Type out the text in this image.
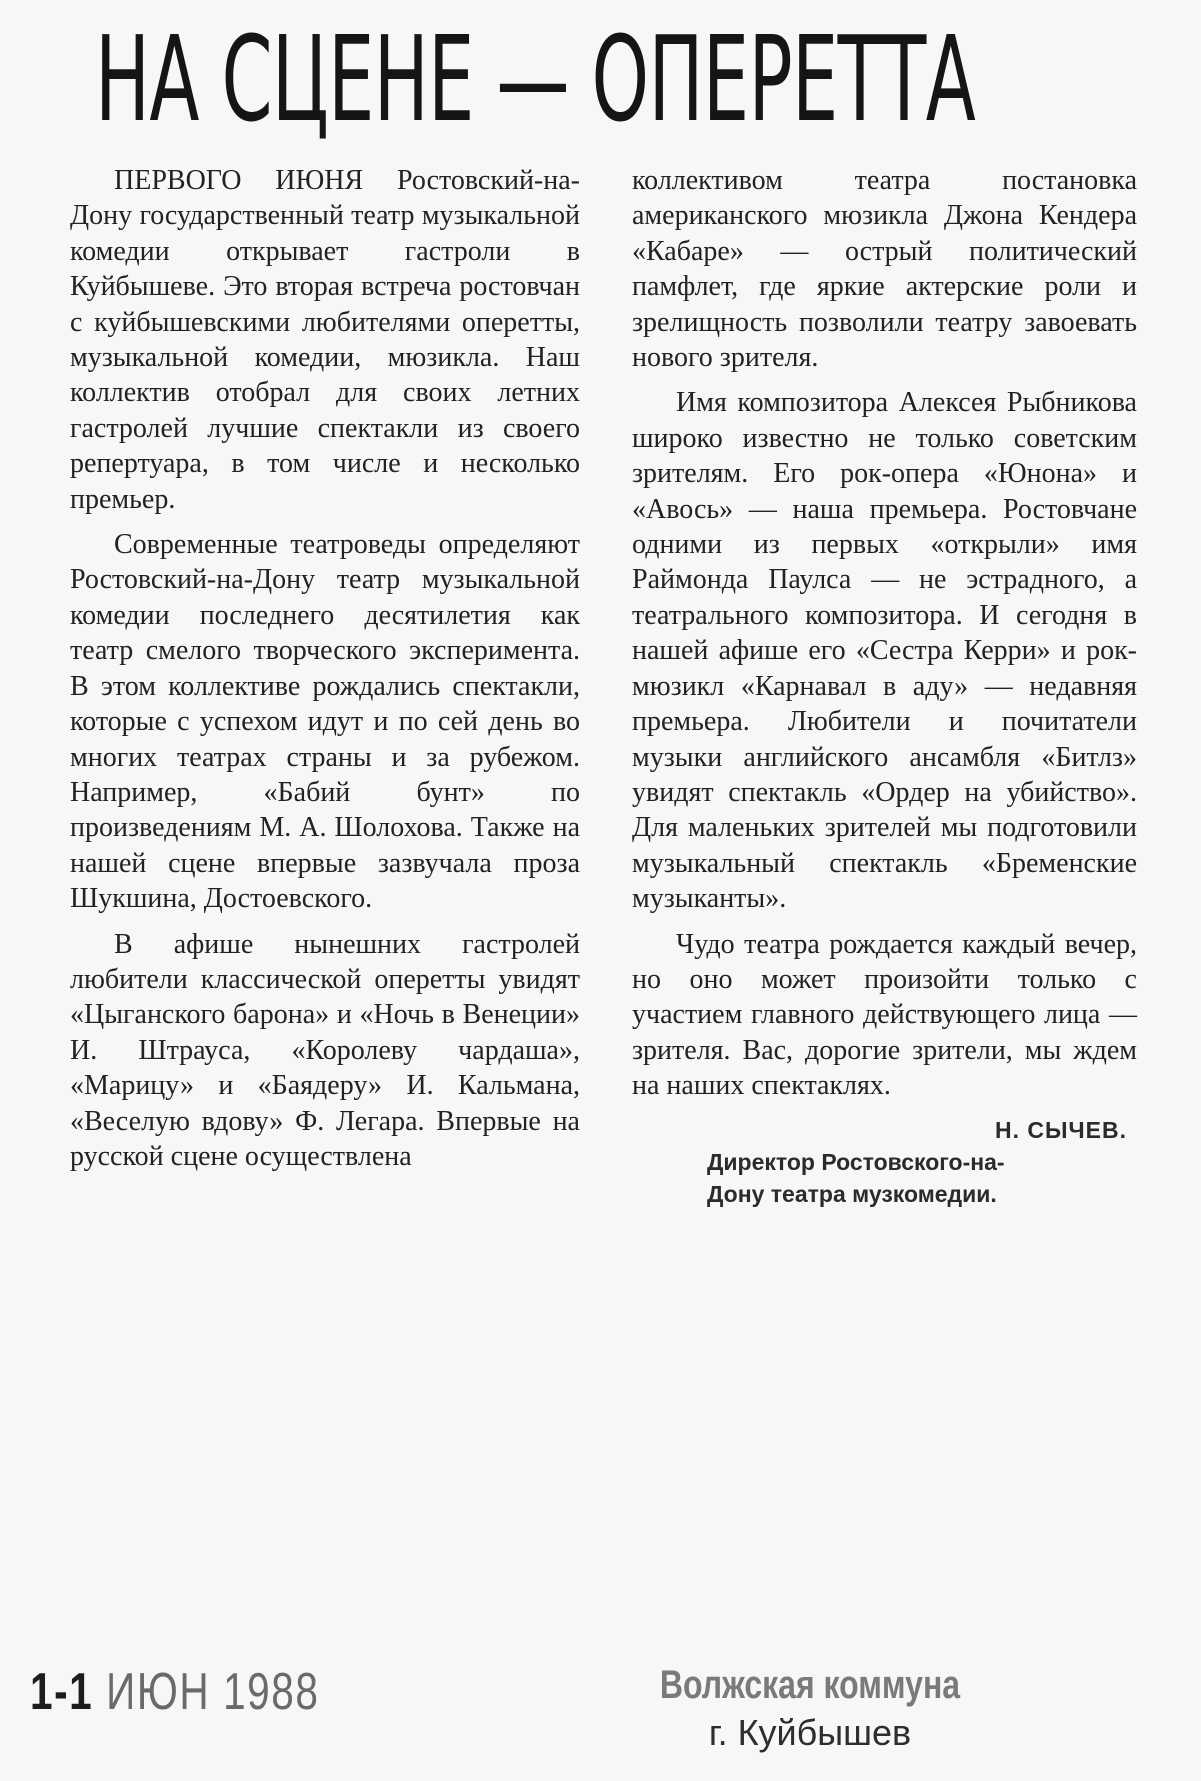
НА СЦЕНЕ — ОПЕРЕТТА

ПЕРВОГО ИЮНЯ Ростовский-на-Дону государственный театр музыкальной комедии открывает гастроли в Куйбышеве. Это вторая встреча ростовчан с куйбышевскими любителями оперетты, музыкальной комедии, мюзикла. Наш коллектив отобрал для своих летних гастролей лучшие спектакли из своего репертуара, в том числе и несколько премьер.

Современные театроведы определяют Ростовский-на-Дону театр музыкальной комедии последнего десятилетия как театр смелого творческого эксперимента. В этом коллективе рождались спектакли, которые с успехом идут и по сей день во многих театрах страны и за рубежом. Например, «Бабий бунт» по произведениям М. А. Шолохова. Также на нашей сцене впервые зазвучала проза Шукшина, Достоевского.

В афише нынешних гастролей любители классической оперетты увидят «Цыганского барона» и «Ночь в Венеции» И. Штрауса, «Королеву чардаша», «Марицу» и «Баядеру» И. Кальмана, «Веселую вдову» Ф. Легара. Впервые на русской сцене осуществлена

коллективом театра постановка американского мюзикла Джона Кендера «Кабаре» — острый политический памфлет, где яркие актерские роли и зрелищность позволили театру завоевать нового зрителя.

Имя композитора Алексея Рыбникова широко известно не только советским зрителям. Его рок-опера «Юнона» и «Авось» — наша премьера. Ростовчане одними из первых «открыли» имя Раймонда Паулса — не эстрадного, а театрального композитора. И сегодня в нашей афише его «Сестра Керри» и рок-мюзикл «Карнавал в аду» — недавняя премьера. Любители и почитатели музыки английского ансамбля «Битлз» увидят спектакль «Ордер на убийство». Для маленьких зрителей мы подготовили музыкальный спектакль «Бременские музыканты».

Чудо театра рождается каждый вечер, но оно может произойти только с участием главного действующего лица — зрителя. Вас, дорогие зрители, мы ждем на наших спектаклях.

Н. СЫЧЕВ.
Директор Ростовского-на-
Дону театра музкомедии.
1-1 ИЮН 1988	Волжская коммуна
г. Куйбышев
